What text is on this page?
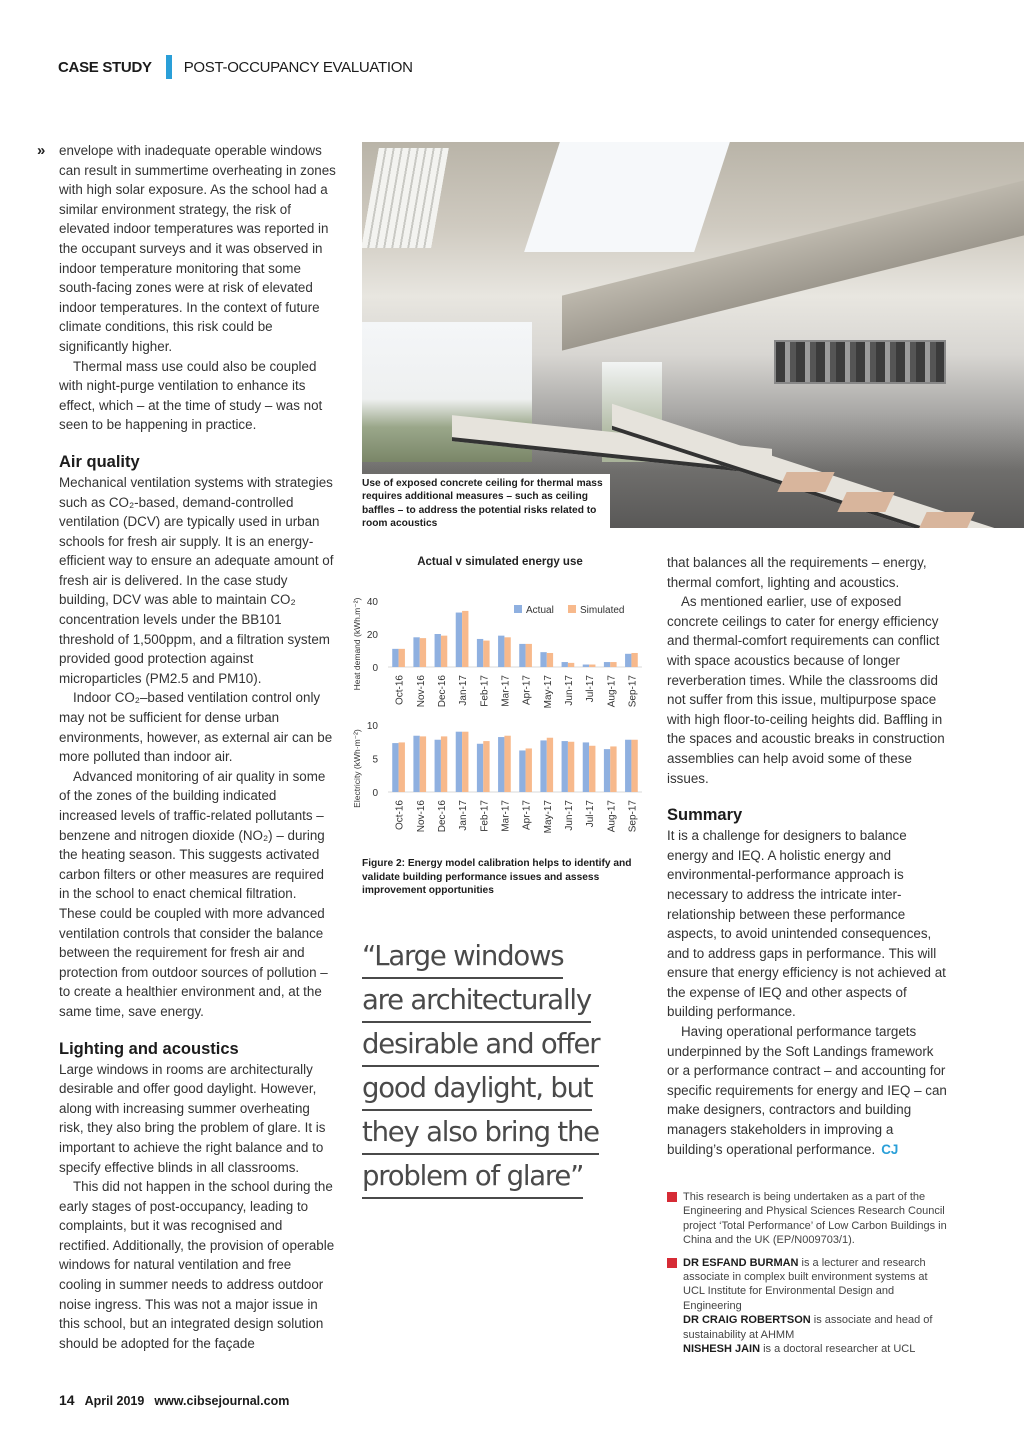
CASE STUDY POST-OCCUPANCY EVALUATION
» envelope with inadequate operable windows can result in summertime overheating in zones with high solar exposure. As the school had a similar environment strategy, the risk of elevated indoor temperatures was reported in the occupant surveys and it was observed in indoor temperature monitoring that some south-facing zones were at risk of elevated indoor temperatures. In the context of future climate conditions, this risk could be significantly higher.

Thermal mass use could also be coupled with night-purge ventilation to enhance its effect, which – at the time of study – was not seen to be happening in practice.

Air quality

Mechanical ventilation systems with strategies such as CO₂-based, demand-controlled ventilation (DCV) are typically used in urban schools for fresh air supply. It is an energy-efficient way to ensure an adequate amount of fresh air is delivered. In the case study building, DCV was able to maintain CO₂ concentration levels under the BB101 threshold of 1,500ppm, and a filtration system provided good protection against microparticles (PM2.5 and PM10).

Indoor CO₂–based ventilation control only may not be sufficient for dense urban environments, however, as external air can be more polluted than indoor air.

Advanced monitoring of air quality in some of the zones of the building indicated increased levels of traffic-related pollutants – benzene and nitrogen dioxide (NO₂) – during the heating season. This suggests activated carbon filters or other measures are required in the school to enact chemical filtration. These could be coupled with more advanced ventilation controls that consider the balance between the requirement for fresh air and protection from outdoor sources of pollution – to create a healthier environment and, at the same time, save energy.

Lighting and acoustics

Large windows in rooms are architecturally desirable and offer good daylight. However, along with increasing summer overheating risk, they also bring the problem of glare. It is important to achieve the right balance and to specify effective blinds in all classrooms.

This did not happen in the school during the early stages of post-occupancy, leading to complaints, but it was recognised and rectified. Additionally, the provision of operable windows for natural ventilation and free cooling in summer needs to address outdoor noise ingress. This was not a major issue in this school, but an integrated design solution should be adopted for the façade

Use of exposed concrete ceiling for thermal mass requires additional measures – such as ceiling baffles – to address the potential risks related to room acoustics
Actual v simulated energy use
0
20
40
Heat demand (kWh.m⁻²)	Oct-16 Nov-16 Dec-16 Jan-17 Feb-17 Mar-17 Apr-17 May-17 Jun-17 Jul-17 Aug-17 Sep-17
Actual	Simulated
0
5
10
Electricity (kWh·m⁻²)
Oct-16 Nov-16 Dec-16 Jan-17 Feb-17 Mar-17 Apr-17 May-17 Jun-17 Jul-17 Aug-17 Sep-17
Figure 2: Energy model calibration helps to identify and validate building performance issues and assess improvement opportunities
“Large windows
are architecturally
desirable and offer
good daylight, but
they also bring the
problem of glare”

that balances all the requirements – energy, thermal comfort, lighting and acoustics.

As mentioned earlier, use of exposed concrete ceilings to cater for energy efficiency and thermal-comfort requirements can conflict with space acoustics because of longer reverberation times. While the classrooms did not suffer from this issue, multipurpose space with high floor-to-ceiling heights did. Baffling in the spaces and acoustic breaks in construction assemblies can help avoid some of these issues.

Summary

It is a challenge for designers to balance energy and IEQ. A holistic energy and environmental-performance approach is necessary to address the intricate inter-relationship between these performance aspects, to avoid unintended consequences, and to address gaps in performance. This will ensure that energy efficiency is not achieved at the expense of IEQ and other aspects of building performance.

Having operational performance targets underpinned by the Soft Landings framework or a performance contract – and accounting for specific requirements for energy and IEQ – can make designers, contractors and building managers stakeholders in improving a building’s operational performance. CJ

This research is being undertaken as a part of the Engineering and Physical Sciences Research Council project ‘Total Performance’ of Low Carbon Buildings in China and the UK (EP/N009703/1).
DR ESFAND BURMAN is a lecturer and research associate in complex built environment systems at UCL Institute for Environmental Design and Engineering
DR CRAIG ROBERTSON is associate and head of sustainability at AHMM
NISHESH JAIN is a doctoral researcher at UCL
14 April 2019 www.cibsejournal.com
